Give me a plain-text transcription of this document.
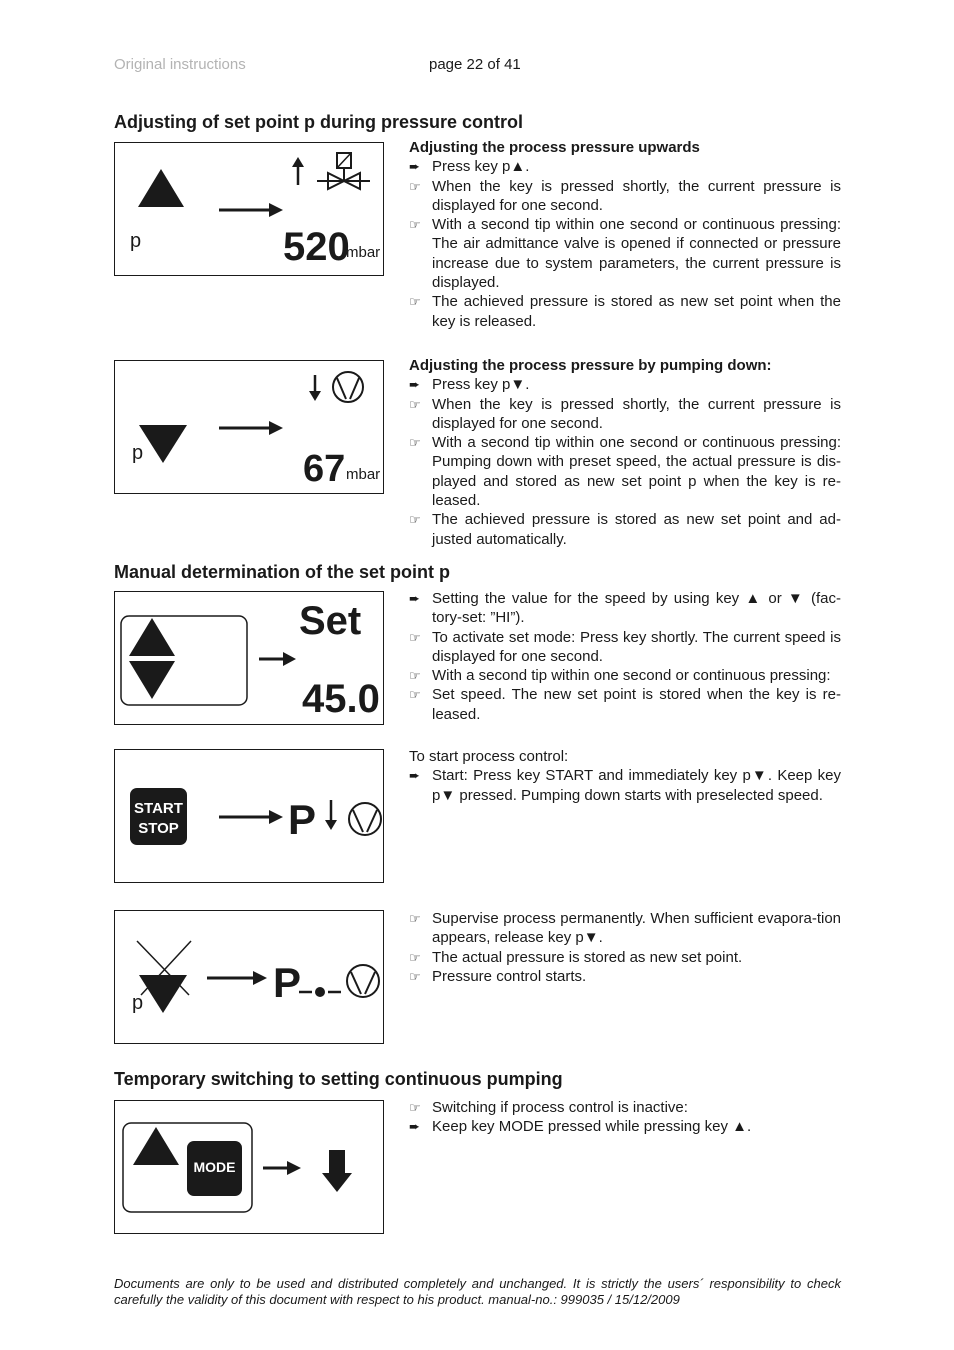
Original instructions	page 22 of 41
Adjusting of set point p during pressure control
p	520
mbar
Adjusting the process pressure upwards
➨ Press key p▲.
☞ When the key is pressed shortly, the current pressure is displayed for one second.
☞ With a second tip within one second or continuous pressing: The air admittance valve is opened if connected or pressure increase due to system parameters, the current pressure is displayed.
☞ The achieved pressure is stored as new set point when the key is released.
p	67 mbar
Adjusting the process pressure by pumping down:
➨ Press key p▼.
☞ When the key is pressed shortly, the current pressure is displayed for one second.
☞ With a second tip within one second or continuous pressing: Pumping down with preset speed, the actual pressure is dis-played and stored as new set point p when the key is re-leased.
☞ The achieved pressure is stored as new set point and ad-justed automatically.
Manual determination of the set point p
Set
45.0
➨ Setting the value for the speed by using key ▲ or ▼ (fac-tory-set: ”HI”).
☞ To activate set mode: Press key shortly. The current speed is displayed for one second.
☞ With a second tip within one second or continuous pressing:
☞ Set speed. The new set point is stored when the key is re-leased.
START
STOP	P
To start process control:
➨ Start: Press key START and immediately key p▼. Keep key p▼ pressed. Pumping down starts with preselected speed.
p	P
☞ Supervise process permanently. When sufficient evapora-tion appears, release key p▼.
☞ The actual pressure is stored as new set point.
☞ Pressure control starts.
Temporary switching to setting continuous pumping
MODE
☞ Switching if process control is inactive:
➨ Keep key MODE pressed while pressing key ▲.
Documents are only to be used and distributed completely and unchanged. It is strictly the users´ responsibility to check carefully the validity of this document with respect to his product. manual-no.: 999035 / 15/12/2009
